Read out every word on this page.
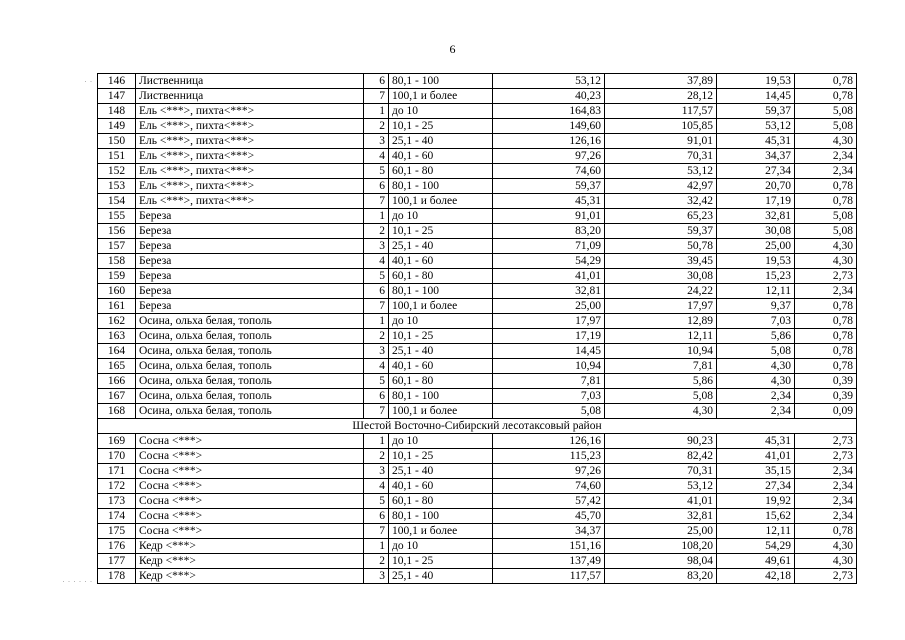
6
· ·
· · · · · ·
146	Лиственница	6	80,1 - 100	53,12	37,89	19,53	0,78
147	Лиственница	7	100,1 и более	40,23	28,12	14,45	0,78
148	Ель <***>, пихта<***>	1	до 10	164,83	117,57	59,37	5,08
149	Ель <***>, пихта<***>	2	10,1 - 25	149,60	105,85	53,12	5,08
150	Ель <***>, пихта<***>	3	25,1 - 40	126,16	91,01	45,31	4,30
151	Ель <***>, пихта<***>	4	40,1 - 60	97,26	70,31	34,37	2,34
152	Ель <***>, пихта<***>	5	60,1 - 80	74,60	53,12	27,34	2,34
153	Ель <***>, пихта<***>	6	80,1 - 100	59,37	42,97	20,70	0,78
154	Ель <***>, пихта<***>	7	100,1 и более	45,31	32,42	17,19	0,78
155	Береза	1	до 10	91,01	65,23	32,81	5,08
156	Береза	2	10,1 - 25	83,20	59,37	30,08	5,08
157	Береза	3	25,1 - 40	71,09	50,78	25,00	4,30
158	Береза	4	40,1 - 60	54,29	39,45	19,53	4,30
159	Береза	5	60,1 - 80	41,01	30,08	15,23	2,73
160	Береза	6	80,1 - 100	32,81	24,22	12,11	2,34
161	Береза	7	100,1 и более	25,00	17,97	9,37	0,78
162	Осина, ольха белая, тополь	1	до 10	17,97	12,89	7,03	0,78
163	Осина, ольха белая, тополь	2	10,1 - 25	17,19	12,11	5,86	0,78
164	Осина, ольха белая, тополь	3	25,1 - 40	14,45	10,94	5,08	0,78
165	Осина, ольха белая, тополь	4	40,1 - 60	10,94	7,81	4,30	0,78
166	Осина, ольха белая, тополь	5	60,1 - 80	7,81	5,86	4,30	0,39
167	Осина, ольха белая, тополь	6	80,1 - 100	7,03	5,08	2,34	0,39
168	Осина, ольха белая, тополь	7	100,1 и более	5,08	4,30	2,34	0,09
Шестой Восточно-Сибирский лесотаксовый район							
169	Сосна <***>	1	до 10	126,16	90,23	45,31	2,73
170	Сосна <***>	2	10,1 - 25	115,23	82,42	41,01	2,73
171	Сосна <***>	3	25,1 - 40	97,26	70,31	35,15	2,34
172	Сосна <***>	4	40,1 - 60	74,60	53,12	27,34	2,34
173	Сосна <***>	5	60,1 - 80	57,42	41,01	19,92	2,34
174	Сосна <***>	6	80,1 - 100	45,70	32,81	15,62	2,34
175	Сосна <***>	7	100,1 и более	34,37	25,00	12,11	0,78
176	Кедр <***>	1	до 10	151,16	108,20	54,29	4,30
177	Кедр <***>	2	10,1 - 25	137,49	98,04	49,61	4,30
178	Кедр <***>	3	25,1 - 40	117,57	83,20	42,18	2,73
